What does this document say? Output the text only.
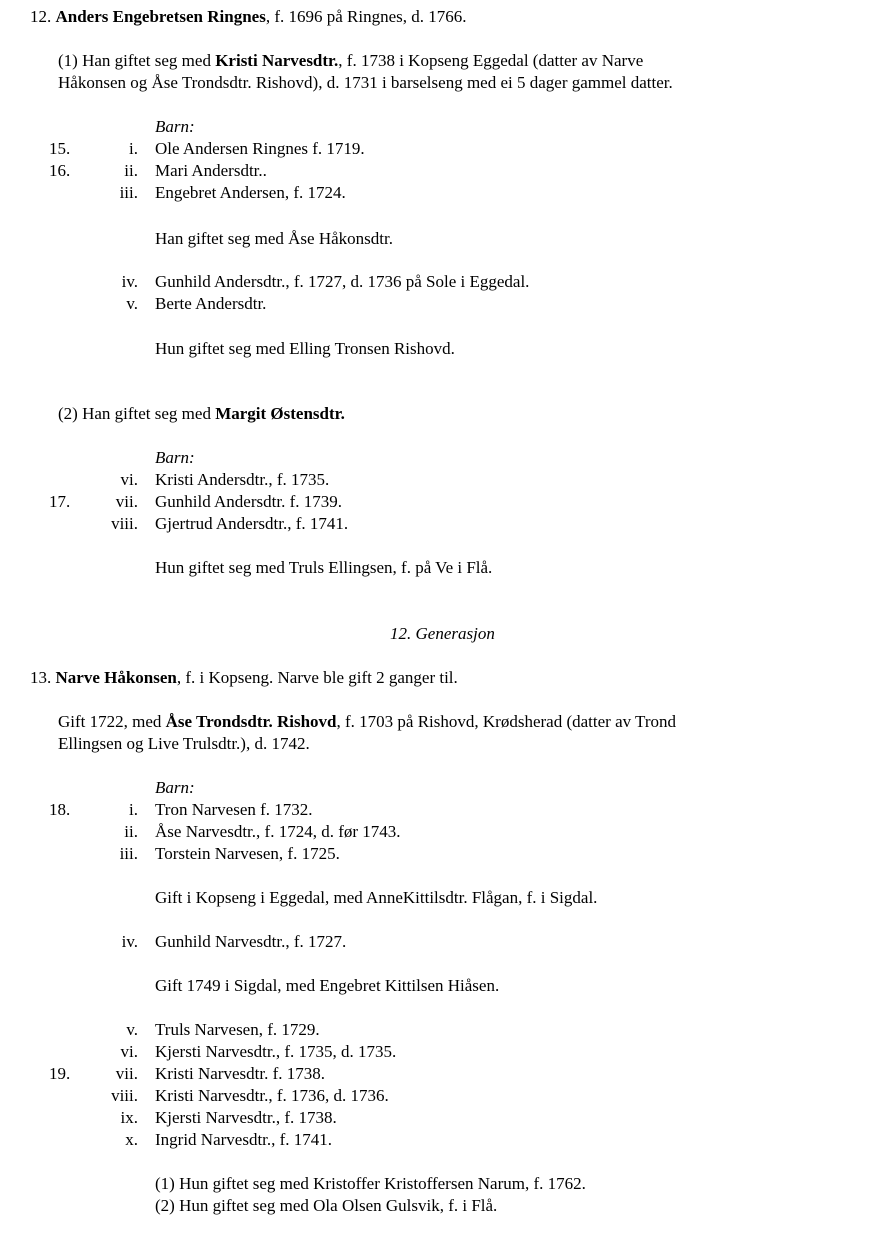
12. Anders Engebretsen Ringnes, f. 1696 på Ringnes, d. 1766.
(1) Han giftet seg med Kristi Narvesdtr., f. 1738 i Kopseng Eggedal (datter av Narve
Håkonsen og Åse Trondsdtr. Rishovd), d. 1731 i barselseng med ei 5 dager gammel datter.
Barn:
15.	i. Ole Andersen Ringnes f. 1719.
16.	ii. Mari Andersdtr..
iii. Engebret Andersen, f. 1724.
Han giftet seg med Åse Håkonsdtr.
iv. Gunhild Andersdtr., f. 1727, d. 1736 på Sole i Eggedal.
v. Berte Andersdtr.
Hun giftet seg med Elling Tronsen Rishovd.
(2) Han giftet seg med Margit Østensdtr.
Barn:
vi. Kristi Andersdtr., f. 1735.
17.	vii. Gunhild Andersdtr. f. 1739.
viii. Gjertrud Andersdtr., f. 1741.
Hun giftet seg med Truls Ellingsen, f. på Ve i Flå.
12. Generasjon
13. Narve Håkonsen, f. i Kopseng. Narve ble gift 2 ganger til.
Gift 1722, med Åse Trondsdtr. Rishovd, f. 1703 på Rishovd, Krødsherad (datter av Trond
Ellingsen og Live Trulsdtr.), d. 1742.
Barn:
18.	i. Tron Narvesen f. 1732.
ii. Åse Narvesdtr., f. 1724, d. før 1743.
iii. Torstein Narvesen, f. 1725.
Gift i Kopseng i Eggedal, med AnneKittilsdtr. Flågan, f. i Sigdal.
iv. Gunhild Narvesdtr., f. 1727.
Gift 1749 i Sigdal, med Engebret Kittilsen Hiåsen.
v. Truls Narvesen, f. 1729.
vi. Kjersti Narvesdtr., f. 1735, d. 1735.
19.	vii. Kristi Narvesdtr. f. 1738.
viii. Kristi Narvesdtr., f. 1736, d. 1736.
ix. Kjersti Narvesdtr., f. 1738.
x. Ingrid Narvesdtr., f. 1741.
(1) Hun giftet seg med Kristoffer Kristoffersen Narum, f. 1762.
(2) Hun giftet seg med Ola Olsen Gulsvik, f. i Flå.
